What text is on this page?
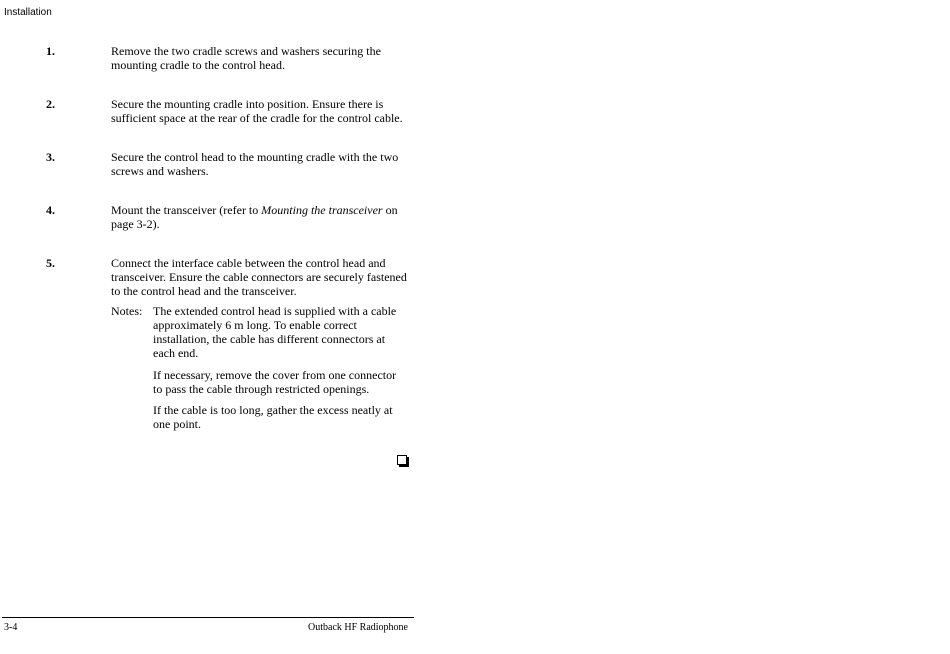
Installation
1.	Remove the two cradle screws and washers securing the mounting cradle to the control head.
2.	Secure the mounting cradle into position. Ensure there is sufficient space at the rear of the cradle for the control cable.
3.	Secure the control head to the mounting cradle with the two screws and washers.
4.	Mount the transceiver (refer to Mounting the transceiver on page 3-2).
5.	Connect the interface cable between the control head and transceiver. Ensure the cable connectors are securely fastened to the control head and the transceiver.
Notes: The extended control head is supplied with a cable approximately 6 m long. To enable correct installation, the cable has different connectors at each end.
If necessary, remove the cover from one connector to pass the cable through restricted openings.
If the cable is too long, gather the excess neatly at one point.
3-4	Outback HF Radiophone
